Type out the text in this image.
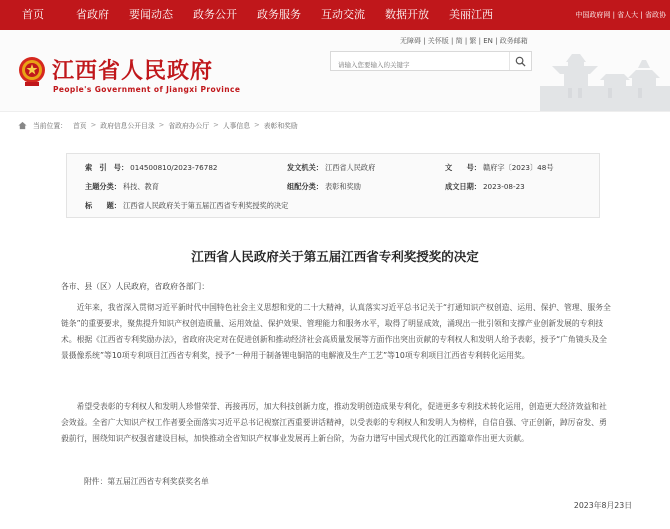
首页	省政府	要闻动态	政务公开	政务服务	互动交流	数据开放	美丽江西	中国政府网 | 省人大 | 省政协
江西省人民政府
People's Government of Jiangxi Province
无障碍 | 关怀版 | 简 | 繁 | EN | 政务邮箱
请输入您要输入的关键字
当前位置： 首页 > 政府信息公开目录 > 省政府办公厅 > 人事信息 > 表彰和奖励
索　引　号： 014500810/2023-76782	发文机关： 江西省人民政府	文　　号： 赣府字〔2023〕48号
主题分类： 科技、教育	组配分类： 表彰和奖励	成文日期： 2023-08-23
标　　题： 江西省人民政府关于第五届江西省专利奖授奖的决定
江西省人民政府关于第五届江西省专利奖授奖的决定
各市、县（区）人民政府，省政府各部门：

近年来，我省深入贯彻习近平新时代中国特色社会主义思想和党的二十大精神，认真落实习近平总书记关于“打通知识产权创造、运用、保护、管理、服务全链条”的重要要求，聚焦提升知识产权创造质量、运用效益、保护效果、管理能力和服务水平，取得了明显成效，涌现出一批引领和支撑产业创新发展的专利技术。根据《江西省专利奖励办法》，省政府决定对在促进创新和推动经济社会高质量发展等方面作出突出贡献的专利权人和发明人给予表彰，授予“广角镜头及全景摄像系统”等10项专利项目江西省专利奖，授予“一种用于制备锂电铜箔的电解液及生产工艺”等10项专利项目江西省专利转化运用奖。

希望受表彰的专利权人和发明人珍惜荣誉、再接再厉，加大科技创新力度，推动发明创造成果专利化，促进更多专利技术转化运用，创造更大经济效益和社会效益。全省广大知识产权工作者要全面落实习近平总书记视察江西重要讲话精神，以受表彰的专利权人和发明人为榜样，自信自强、守正创新，踔厉奋发、勇毅前行，围绕知识产权强省建设目标，加快推动全省知识产权事业发展再上新台阶，为奋力谱写中国式现代化的江西篇章作出更大贡献。

附件：第五届江西省专利奖获奖名单
2023年8月23日
